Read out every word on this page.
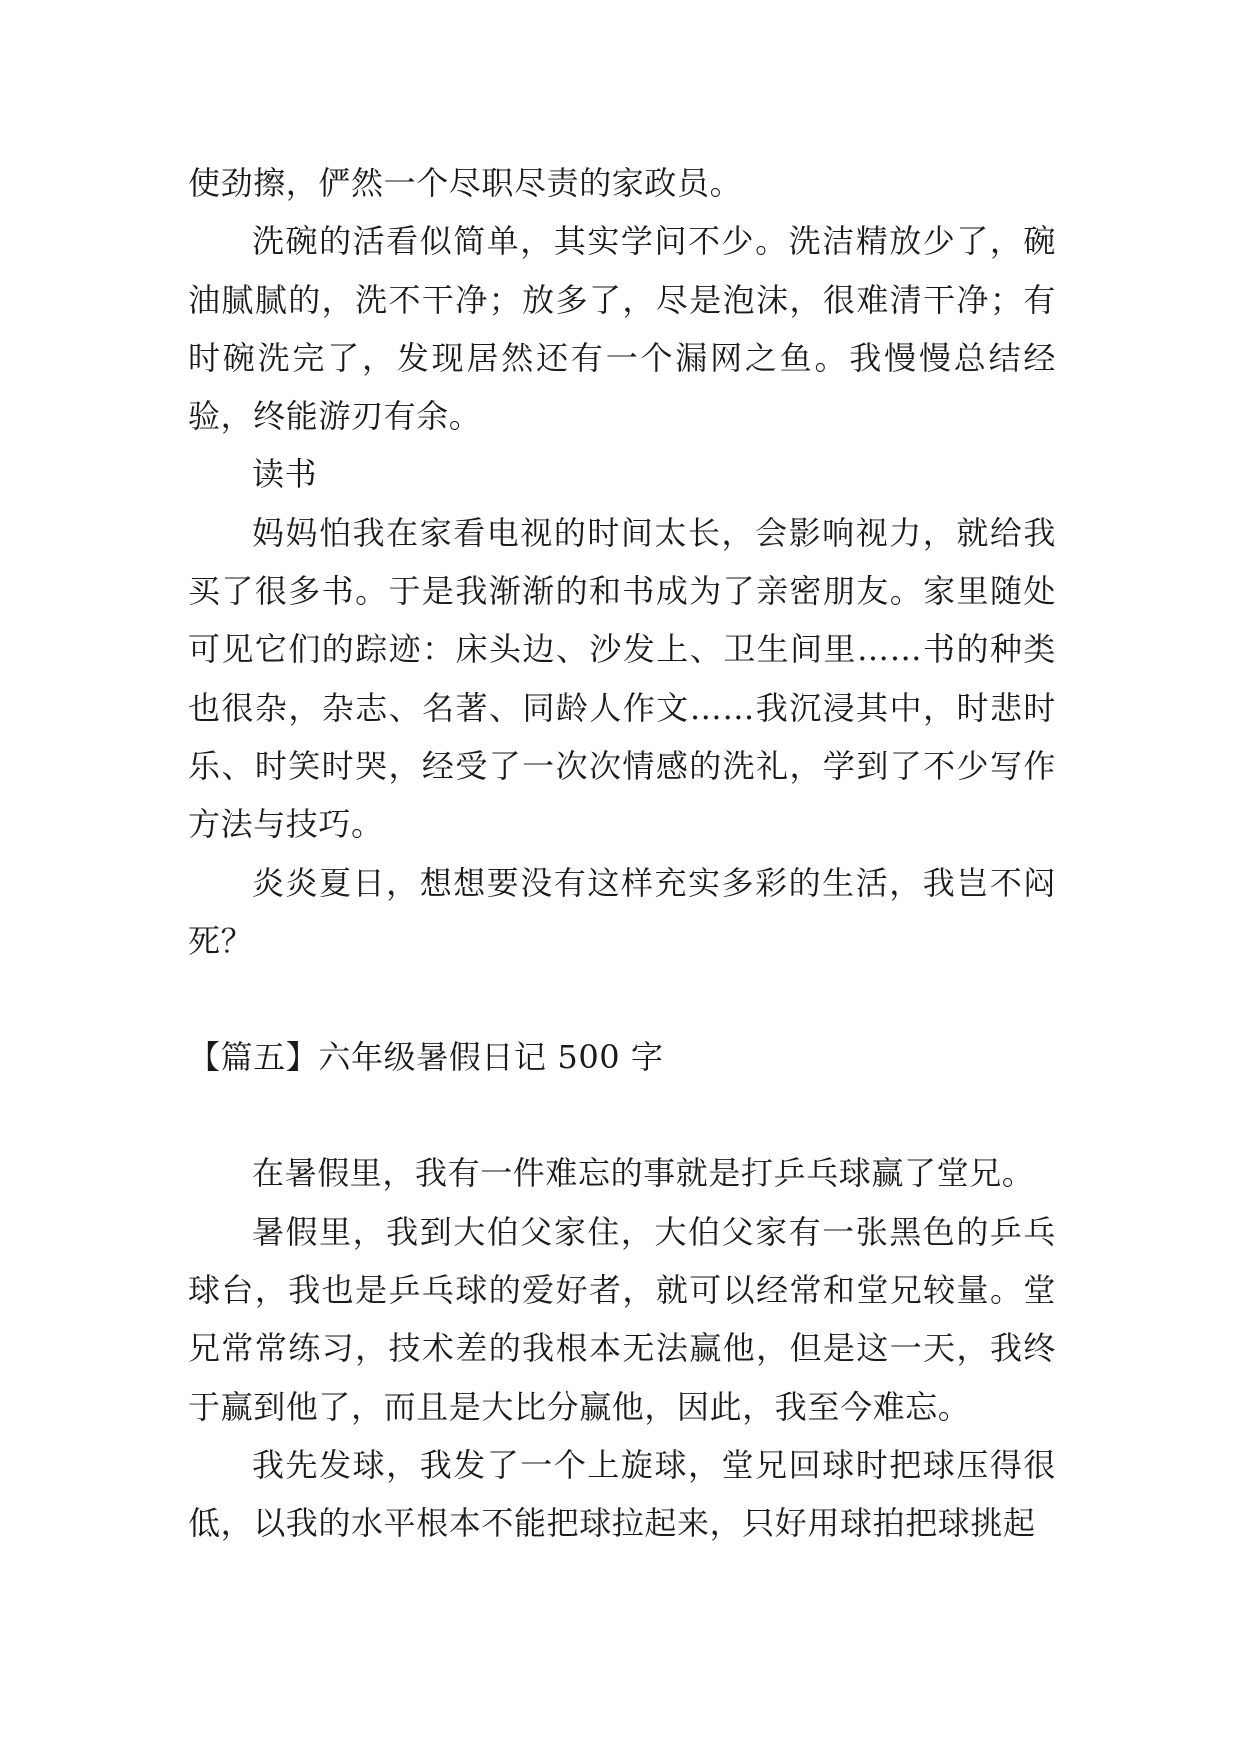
使劲擦，俨然一个尽职尽责的家政员。

洗碗的活看似简单，其实学问不少。洗洁精放少了，碗油腻腻的，洗不干净；放多了，尽是泡沫，很难清干净；有时碗洗完了，发现居然还有一个漏网之鱼。我慢慢总结经验，终能游刃有余。

读书

妈妈怕我在家看电视的时间太长，会影响视力，就给我买了很多书。于是我渐渐的和书成为了亲密朋友。家里随处可见它们的踪迹：床头边、沙发上、卫生间里……书的种类也很杂，杂志、名著、同龄人作文……我沉浸其中，时悲时乐、时笑时哭，经受了一次次情感的洗礼，学到了不少写作方法与技巧。

炎炎夏日，想想要没有这样充实多彩的生活，我岂不闷死？

【篇五】六年级暑假日记 500 字

在暑假里，我有一件难忘的事就是打乒乓球赢了堂兄。

暑假里，我到大伯父家住，大伯父家有一张黑色的乒乓球台，我也是乒乓球的爱好者，就可以经常和堂兄较量。堂兄常常练习，技术差的我根本无法赢他，但是这一天，我终于赢到他了，而且是大比分赢他，因此，我至今难忘。

我先发球，我发了一个上旋球，堂兄回球时把球压得很低，以我的水平根本不能把球拉起来，只好用球拍把球挑起
